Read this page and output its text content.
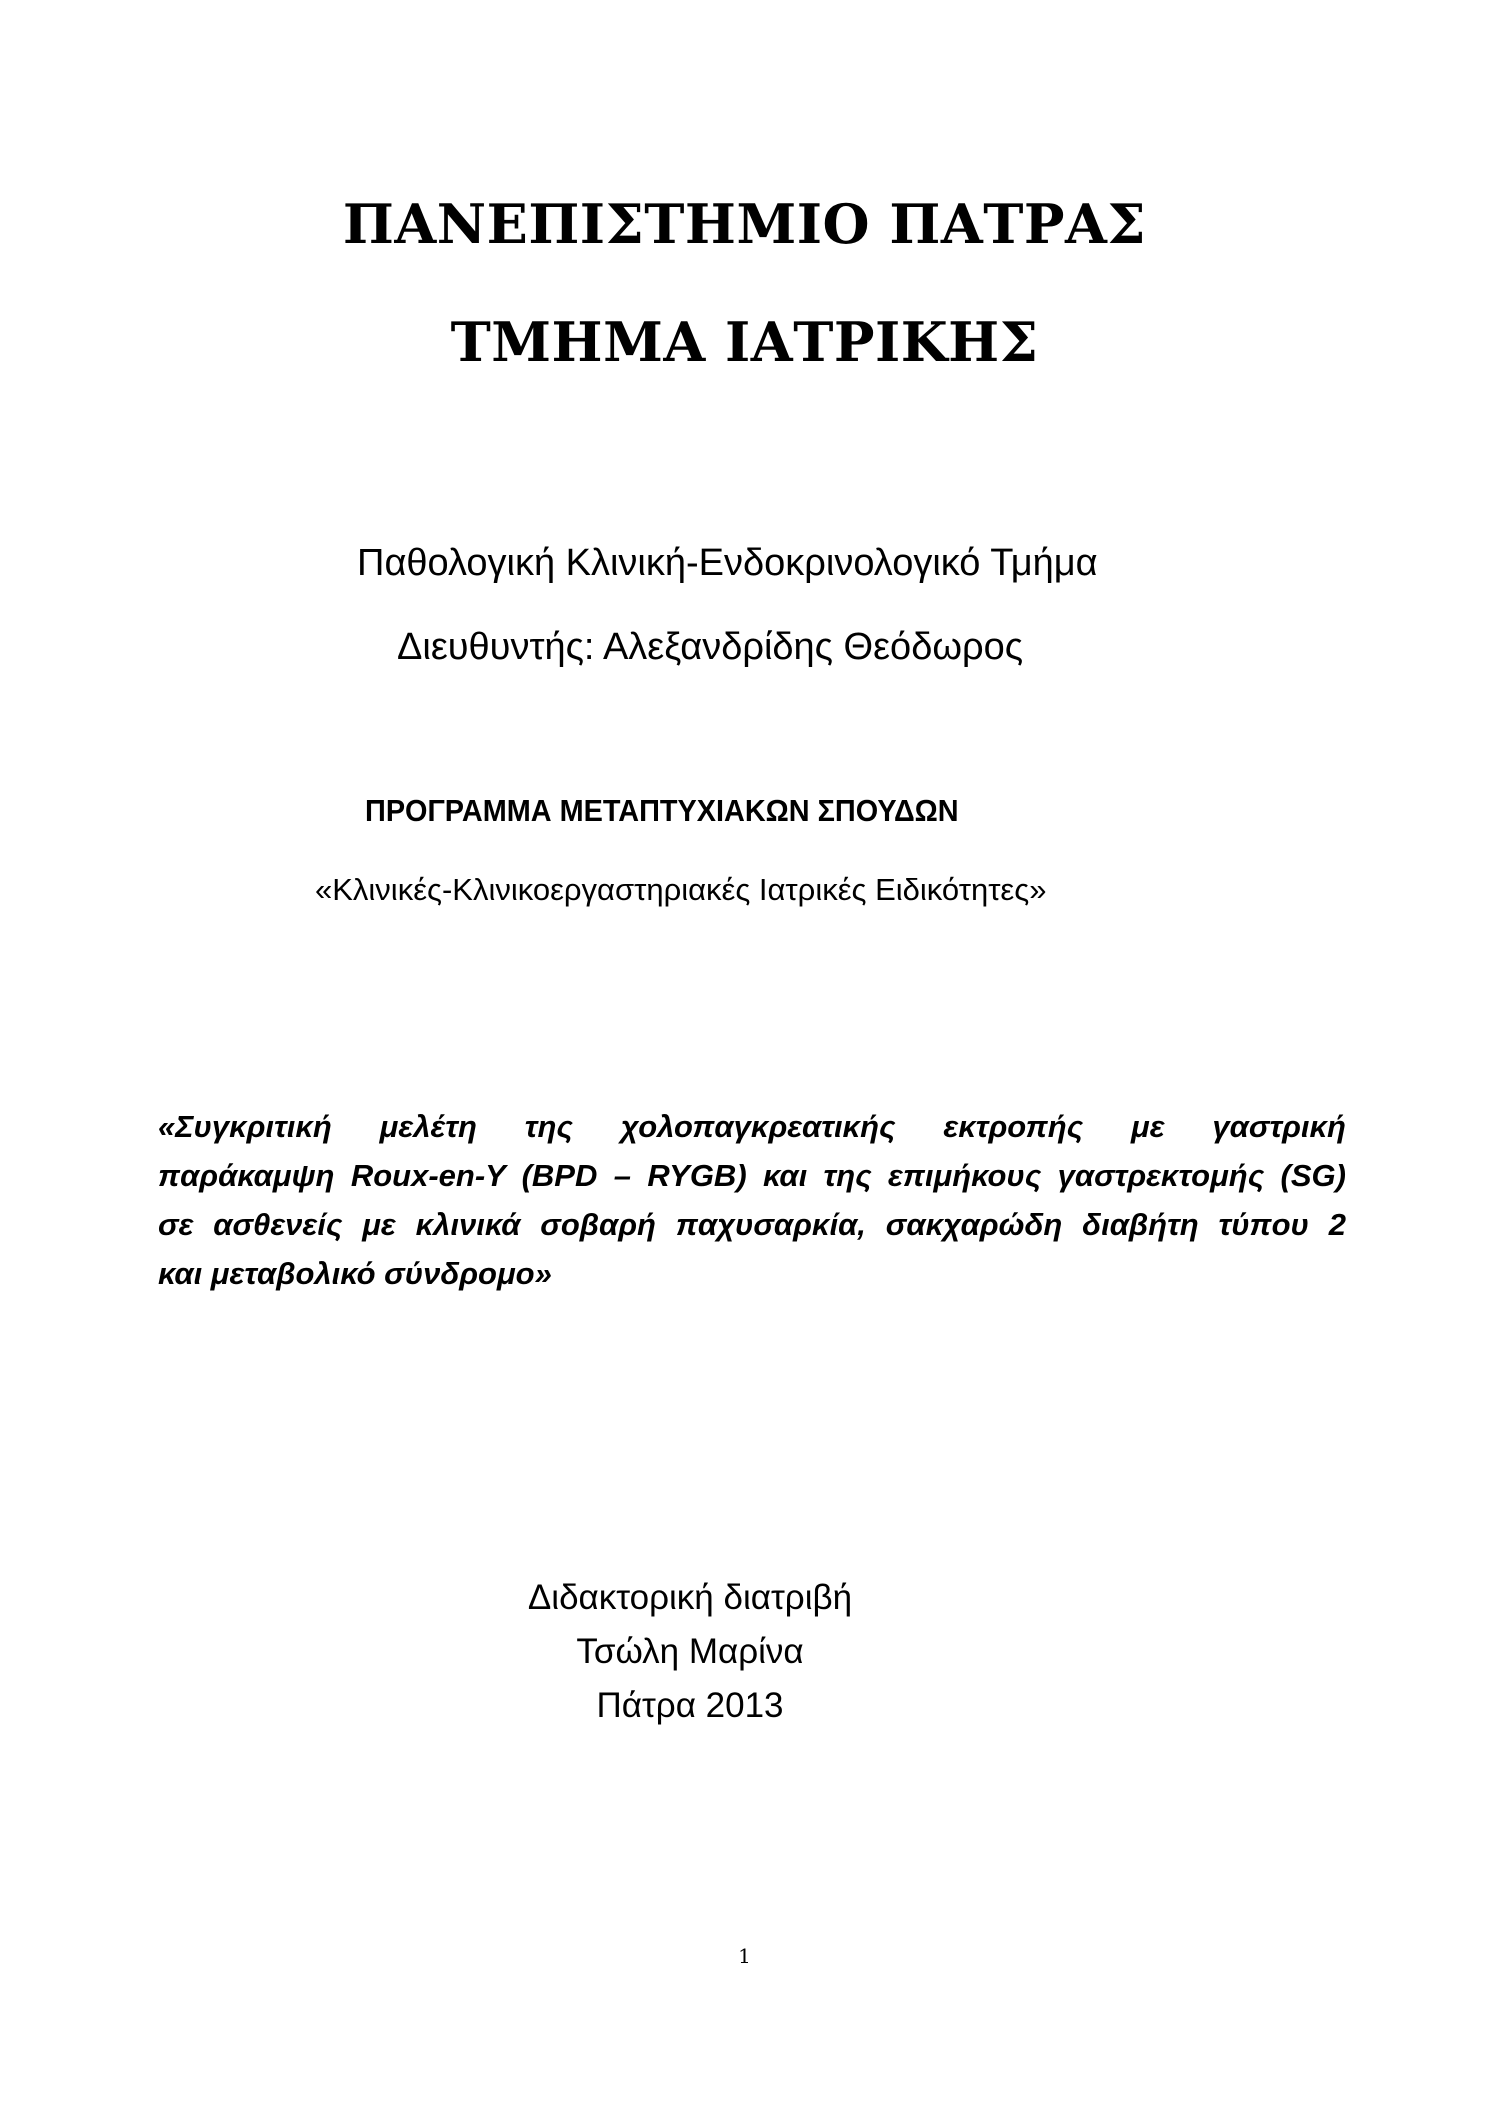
ΠΑΝΕΠΙΣΤΗΜΙΟ ΠΑΤΡΑΣ
ΤΜΗΜΑ ΙΑΤΡΙΚΗΣ
Παθολογική Κλινική-Ενδοκρινολογικό Τμήμα
Διευθυντής: Αλεξανδρίδης Θεόδωρος
ΠΡΟΓΡΑΜΜΑ ΜΕΤΑΠΤΥΧΙΑΚΩΝ ΣΠΟΥΔΩΝ
«Κλινικές-Κλινικοεργαστηριακές Ιατρικές Ειδικότητες»
«Συγκριτική μελέτη της χολοπαγκρεατικής εκτροπής με γαστρική
παράκαμψη Roux-en-Y (BPD – RYGB) και της επιμήκους γαστρεκτομής (SG)
σε ασθενείς με κλινικά σοβαρή παχυσαρκία, σακχαρώδη διαβήτη τύπου 2
και μεταβολικό σύνδρομο»
Διδακτορική διατριβή
Τσώλη Μαρίνα
Πάτρα 2013
1
